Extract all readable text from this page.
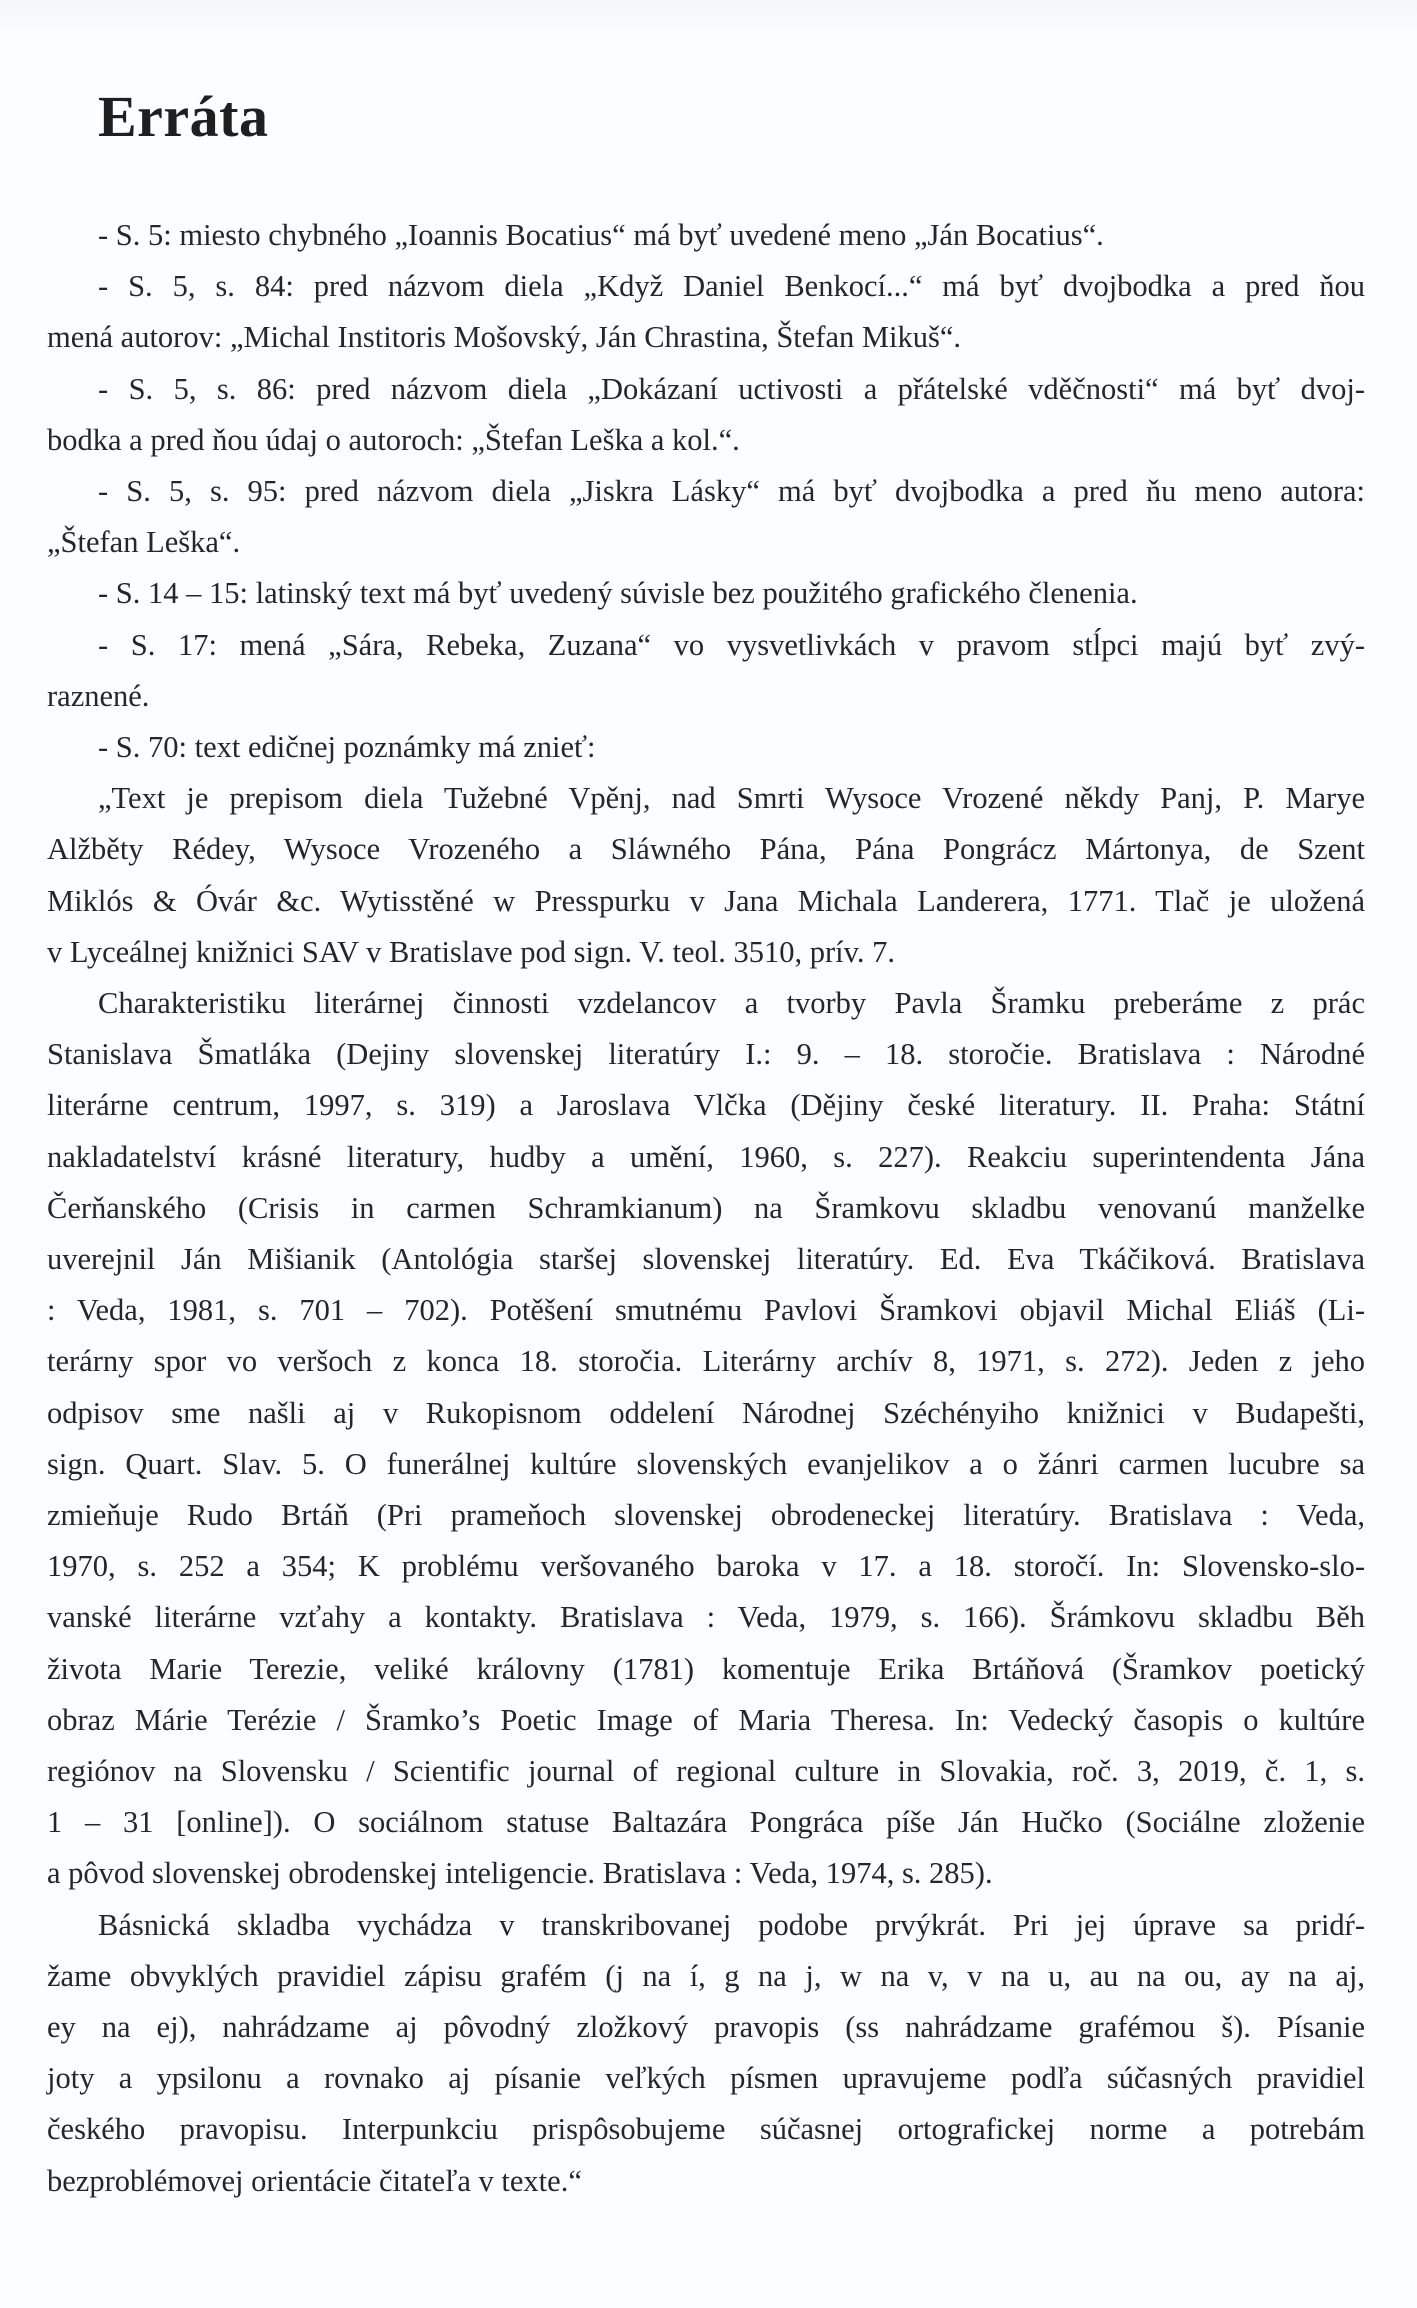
Erráta
- S. 5: miesto chybného „Ioannis Bocatius“ má byť uvedené meno „Ján Bocatius“.
- S. 5, s. 84: pred názvom diela „Když Daniel Benkocí...“ má byť dvojbodka a pred ňou
mená autorov: „Michal Institoris Mošovský, Ján Chrastina, Štefan Mikuš“.
- S. 5, s. 86: pred názvom diela „Dokázaní uctivosti a přátelské vděčnosti“ má byť dvoj-
bodka a pred ňou údaj o autoroch: „Štefan Leška a kol.“.
- S. 5, s. 95: pred názvom diela „Jiskra Lásky“ má byť dvojbodka a pred ňu meno autora:
„Štefan Leška“.
- S. 14 – 15: latinský text má byť uvedený súvisle bez použitého grafického členenia.
- S. 17: mená „Sára, Rebeka, Zuzana“ vo vysvetlivkách v pravom stĺpci majú byť zvý-
raznené.
- S. 70: text edičnej poznámky má znieť:
„Text je prepisom diela Tužebné Vpěnj, nad Smrti Wysoce Vrozené někdy Panj, P. Marye
Alžběty Rédey, Wysoce Vrozeného a Sláwného Pána, Pána Pongrácz Mártonya, de Szent
Miklós & Óvár &c. Wytisstěné w Presspurku v Jana Michala Landerera, 1771. Tlač je uložená
v Lyceálnej knižnici SAV v Bratislave pod sign. V. teol. 3510, prív. 7.
Charakteristiku literárnej činnosti vzdelancov a tvorby Pavla Šramku preberáme z prác
Stanislava Šmatláka (Dejiny slovenskej literatúry I.: 9. – 18. storočie. Bratislava : Národné
literárne centrum, 1997, s. 319) a Jaroslava Vlčka (Dějiny české literatury. II. Praha: Státní
nakladatelství krásné literatury, hudby a umění, 1960, s. 227). Reakciu superintendenta Jána
Čerňanského (Crisis in carmen Schramkianum) na Šramkovu skladbu venovanú manželke
uverejnil Ján Mišianik (Antológia staršej slovenskej literatúry. Ed. Eva Tkáčiková. Bratislava
: Veda, 1981, s. 701 – 702). Potěšení smutnému Pavlovi Šramkovi objavil Michal Eliáš (Li-
terárny spor vo veršoch z konca 18. storočia. Literárny archív 8, 1971, s. 272). Jeden z jeho
odpisov sme našli aj v Rukopisnom oddelení Národnej Széchényiho knižnici v Budapešti,
sign. Quart. Slav. 5. O funerálnej kultúre slovenských evanjelikov a o žánri carmen lucubre sa
zmieňuje Rudo Brtáň (Pri prameňoch slovenskej obrodeneckej literatúry. Bratislava : Veda,
1970, s. 252 a 354; K problému veršovaného baroka v 17. a 18. storočí. In: Slovensko-slo-
vanské literárne vzťahy a kontakty. Bratislava : Veda, 1979, s. 166). Šrámkovu skladbu Běh
života Marie Terezie, veliké královny (1781) komentuje Erika Brtáňová (Šramkov poetický
obraz Márie Terézie / Šramko’s Poetic Image of Maria Theresa. In: Vedecký časopis o kultúre
regiónov na Slovensku / Scientific journal of regional culture in Slovakia, roč. 3, 2019, č. 1, s.
1 – 31 [online]). O sociálnom statuse Baltazára Pongráca píše Ján Hučko (Sociálne zloženie
a pôvod slovenskej obrodenskej inteligencie. Bratislava : Veda, 1974, s. 285).
Básnická skladba vychádza v transkribovanej podobe prvýkrát. Pri jej úprave sa pridŕ-
žame obvyklých pravidiel zápisu grafém (j na í, g na j, w na v, v na u, au na ou, ay na aj,
ey na ej), nahrádzame aj pôvodný zložkový pravopis (ss nahrádzame grafémou š). Písanie
joty a ypsilonu a rovnako aj písanie veľkých písmen upravujeme podľa súčasných pravidiel
českého pravopisu. Interpunkciu prispôsobujeme súčasnej ortografickej norme a potrebám
bezproblémovej orientácie čitateľa v texte.“
